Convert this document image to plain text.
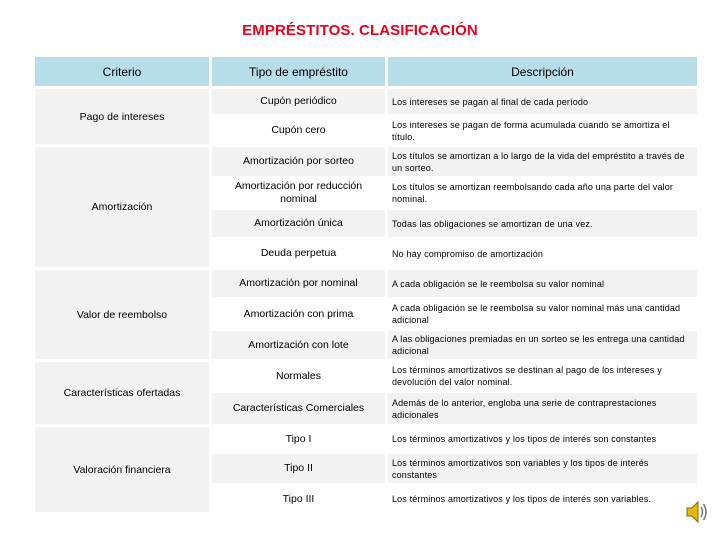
EMPRÉSTITOS. CLASIFICACIÓN
Criterio	Tipo de empréstito	Descripción
Pago de intereses	Cupón periódico	Los intereses se pagan al final de cada período
	Cupón cero	Los intereses se pagan de forma acumulada cuando se amortiza el título.
Amortización	Amortización por sorteo	Los títulos se amortizan a lo largo de la vida del empréstito a través de un sorteo.
	Amortización por reducción nominal	Los títulos se amortizan reembolsando cada año una parte del valor nominal.
	Amortización única	Todas las obligaciones se amortizan de una vez.
	Deuda perpetua	No hay compromiso de amortización
Valor de reembolso	Amortización por nominal	A cada obligación se le reembolsa su valor nominal
	Amortización con prima	A cada obligación se le reembolsa su valor nominal más una cantidad adicional
	Amortización con lote	A las obligaciones premiadas en un sorteo se les entrega una cantidad adicional
Características ofertadas	Normales	Los términos amortizativos se destinan al pago de los intereses y devolución del valor nominal.
	Características Comerciales	Además de lo anterior, engloba una serie de contraprestaciones adicionales
Valoración financiera	Tipo I	Los términos amortizativos y los tipos de interés son constantes
	Tipo II	Los términos amortizativos son variables y los tipos de interés constantes
	Tipo III	Los términos amortizativos y los tipos de interés son variables.
